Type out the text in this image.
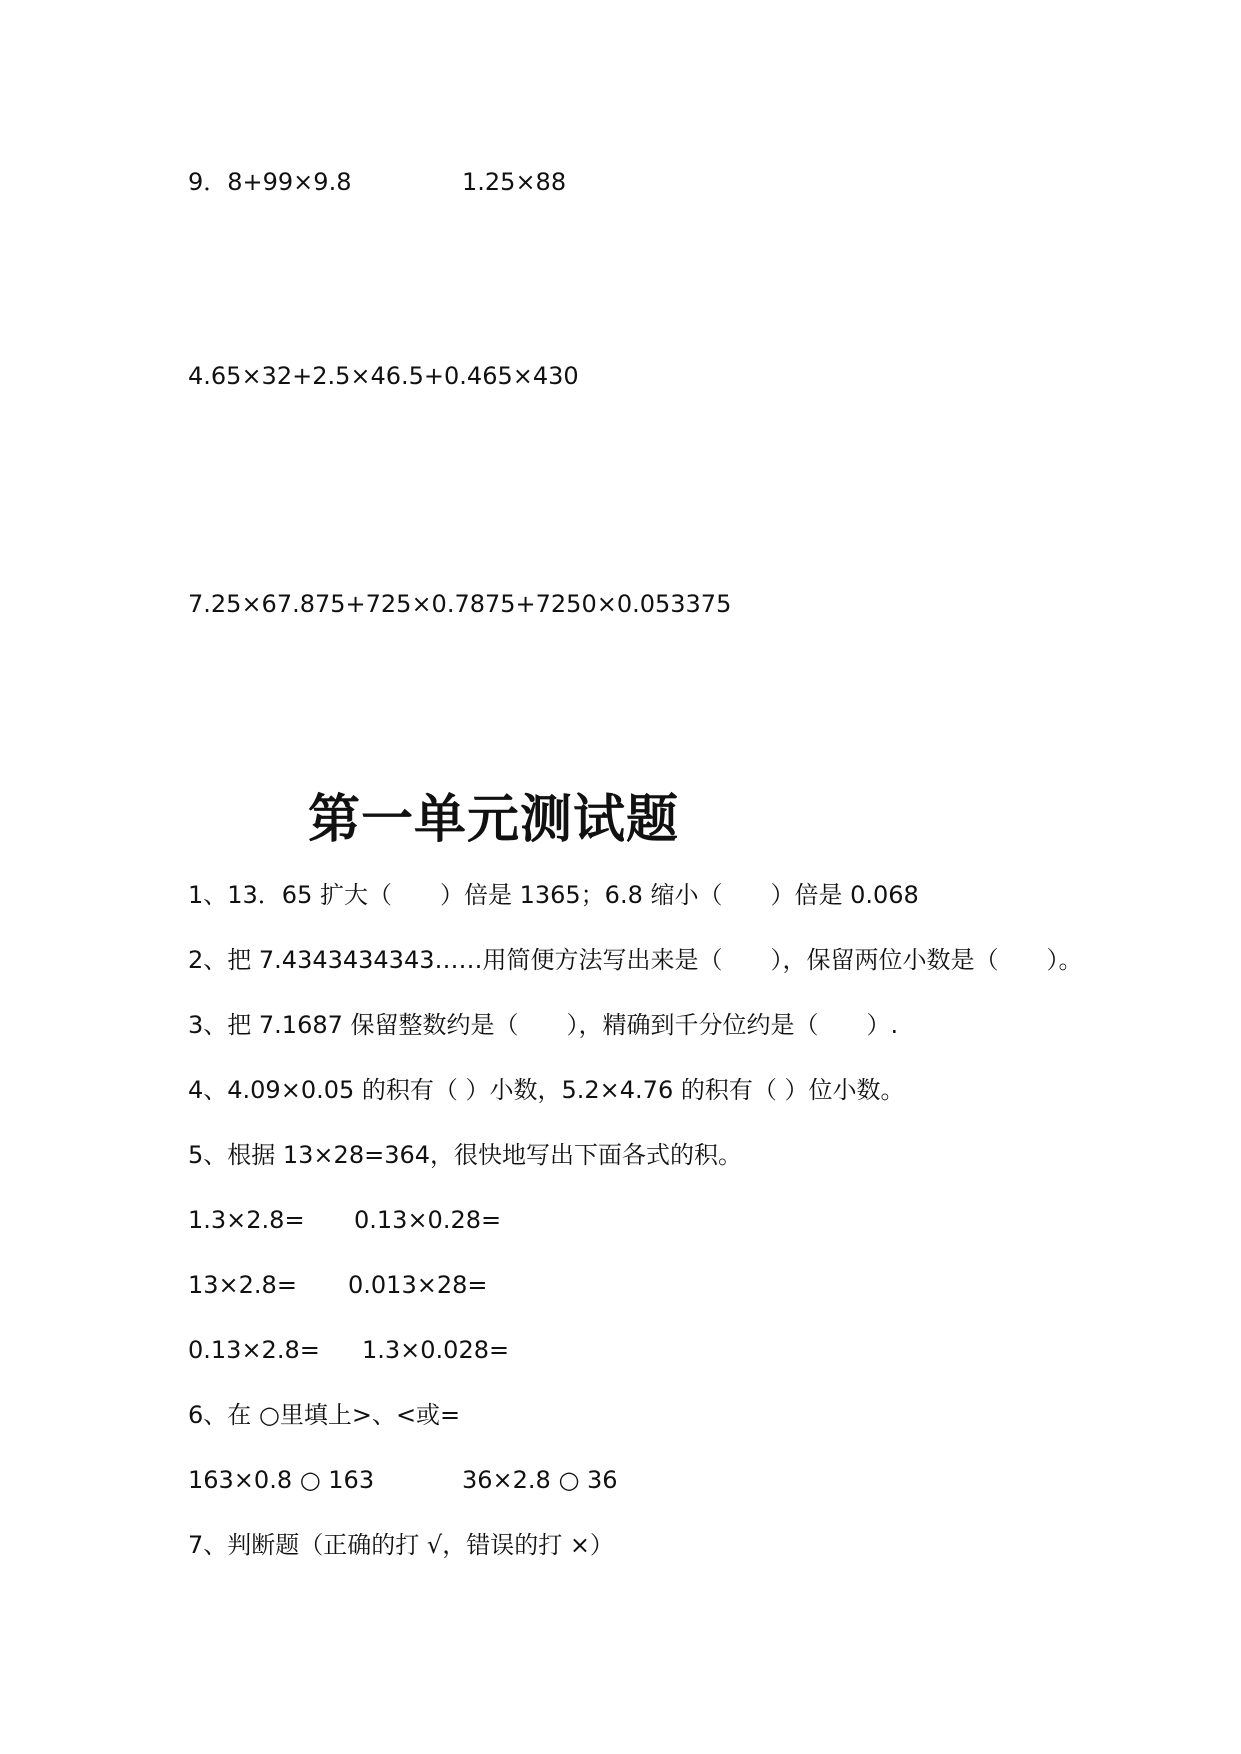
9．8+99×9.8	1.25×88
4.65×32+2.5×46.5+0.465×430
7.25×67.875+725×0.7875+7250×0.053375
第一单元测试题
1、13．65 扩大（　　）倍是 1365；6.8 缩小（　　）倍是 0.068
2、把 7.4343434343……用简便方法写出来是（　　），保留两位小数是（　　）。
3、把 7.1687 保留整数约是（　　），精确到千分位约是（　　）.
4、4.09×0.05 的积有（ ）小数，5.2×4.76 的积有（ ）位小数。
5、根据 13×28=364，很快地写出下面各式的积。
1.3×2.8= 0.13×0.28=
13×2.8= 0.013×28=
0.13×2.8= 1.3×0.028=
6、在 ○里填上>、<或=
163×0.8 ○ 163	36×2.8 ○ 36
7、判断题（正确的打 √，错误的打 ×）
